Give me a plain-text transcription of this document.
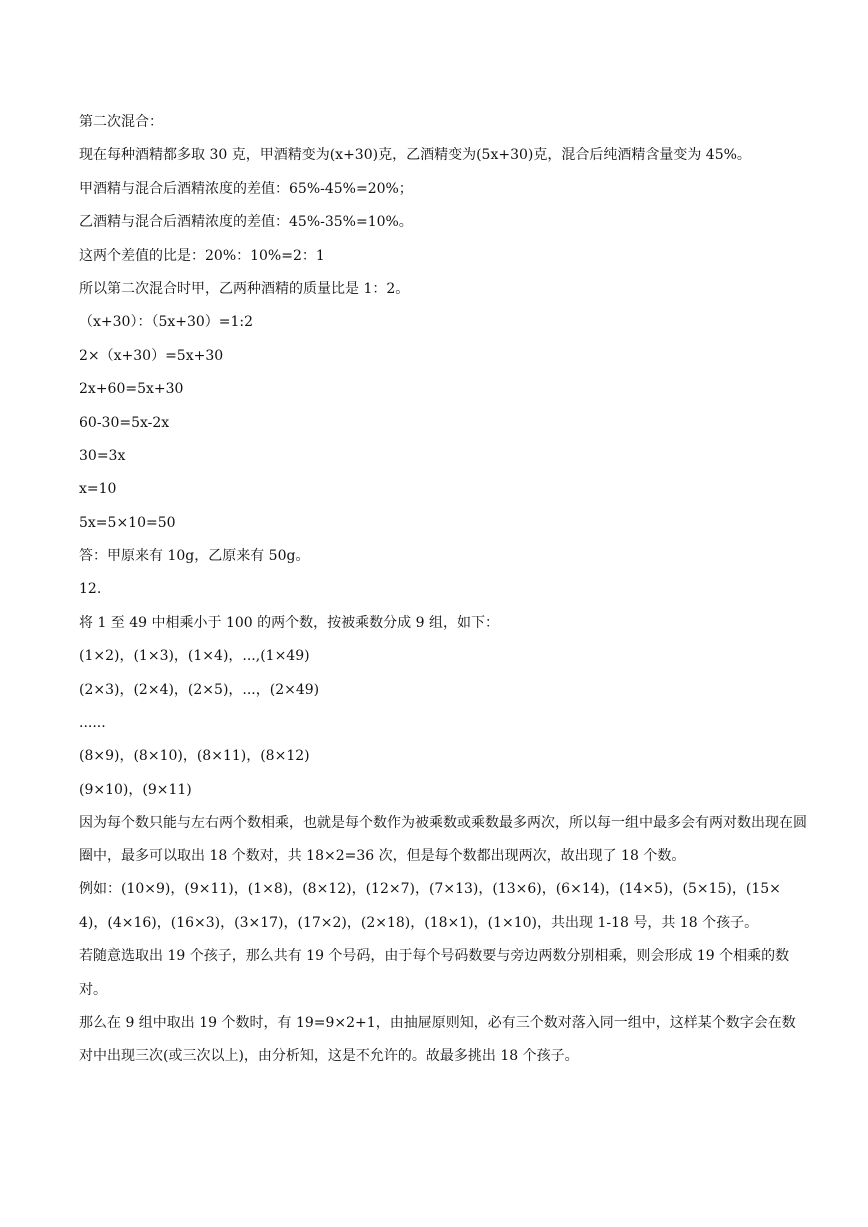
第二次混合：
现在每种酒精都多取 30 克，甲酒精变为(x+30)克，乙酒精变为(5x+30)克，混合后纯酒精含量变为 45%。
甲酒精与混合后酒精浓度的差值：65%-45%=20%；
乙酒精与混合后酒精浓度的差值：45%-35%=10%。
这两个差值的比是：20%：10%=2：1
所以第二次混合时甲，乙两种酒精的质量比是 1：2。
（x+30）：（5x+30）=1:2
2×（x+30）=5x+30
2x+60=5x+30
60-30=5x-2x
30=3x
x=10
5x=5×10=50
答：甲原来有 10g，乙原来有 50g。
12.
将 1 至 49 中相乘小于 100 的两个数，按被乘数分成 9 组，如下：
(1×2)，(1×3)，(1×4)，...,(1×49)
(2×3)，(2×4)，(2×5)，...，(2×49)
......
(8×9)，(8×10)，(8×11)，(8×12)
(9×10)，(9×11)
因为每个数只能与左右两个数相乘，也就是每个数作为被乘数或乘数最多两次，所以每一组中最多会有两对数出现在圆圈中，最多可以取出 18 个数对，共 18×2=36 次，但是每个数都出现两次，故出现了 18 个数。
例如：(10×9)，(9×11)，(1×8)，(8×12)，(12×7)，(7×13)，(13×6)，(6×14)，(14×5)，(5×15)，(15×4)，(4×16)，(16×3)，(3×17)，(17×2)，(2×18)，(18×1)，(1×10)，共出现 1-18 号，共 18 个孩子。
若随意选取出 19 个孩子，那么共有 19 个号码，由于每个号码数要与旁边两数分别相乘，则会形成 19 个相乘的数对。
那么在 9 组中取出 19 个数时，有 19=9×2+1，由抽屉原则知，必有三个数对落入同一组中，这样某个数字会在数对中出现三次(或三次以上)，由分析知，这是不允许的。故最多挑出 18 个孩子。
